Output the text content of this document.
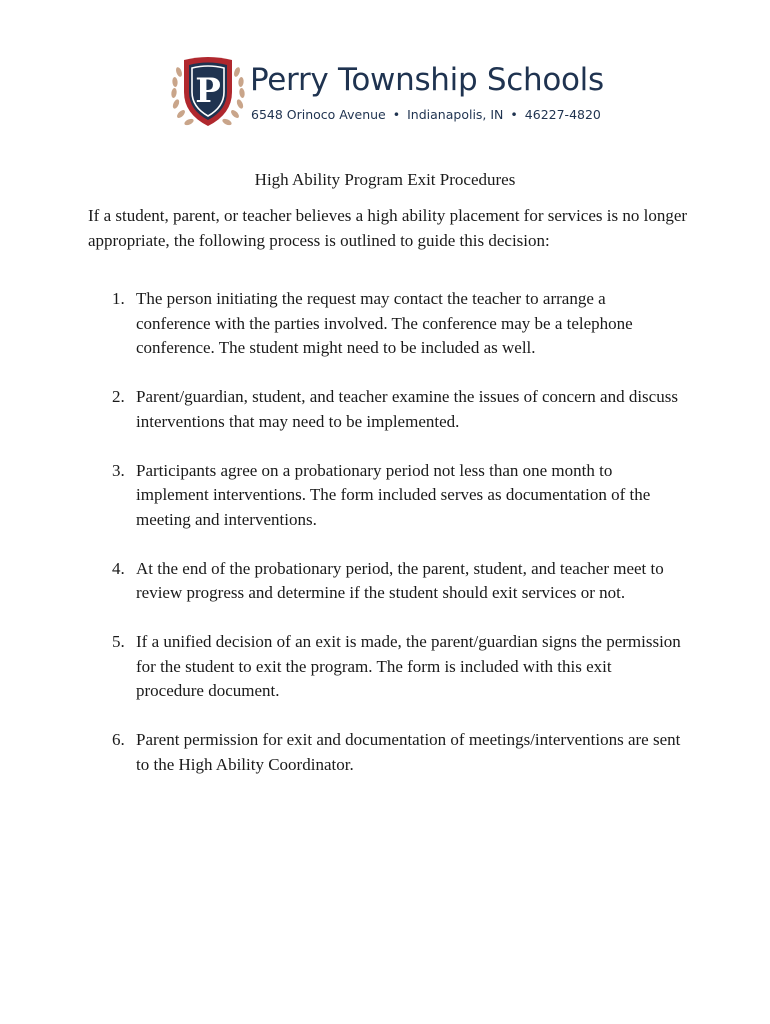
P Perry Township Schools
6548 Orinoco Avenue • Indianapolis, IN • 46227-4820
High Ability Program Exit Procedures

If a student, parent, or teacher believes a high ability placement for services is no longer appropriate, the following process is outlined to guide this decision:

1. The person initiating the request may contact the teacher to arrange a conference with the parties involved. The conference may be a telephone conference. The student might need to be included as well.
2. Parent/guardian, student, and teacher examine the issues of concern and discuss interventions that may need to be implemented.
3. Participants agree on a probationary period not less than one month to implement interventions. The form included serves as documentation of the meeting and interventions.
4. At the end of the probationary period, the parent, student, and teacher meet to review progress and determine if the student should exit services or not.
5. If a unified decision of an exit is made, the parent/guardian signs the permission for the student to exit the program. The form is included with this exit procedure document.
6. Parent permission for exit and documentation of meetings/interventions are sent to the High Ability Coordinator.
